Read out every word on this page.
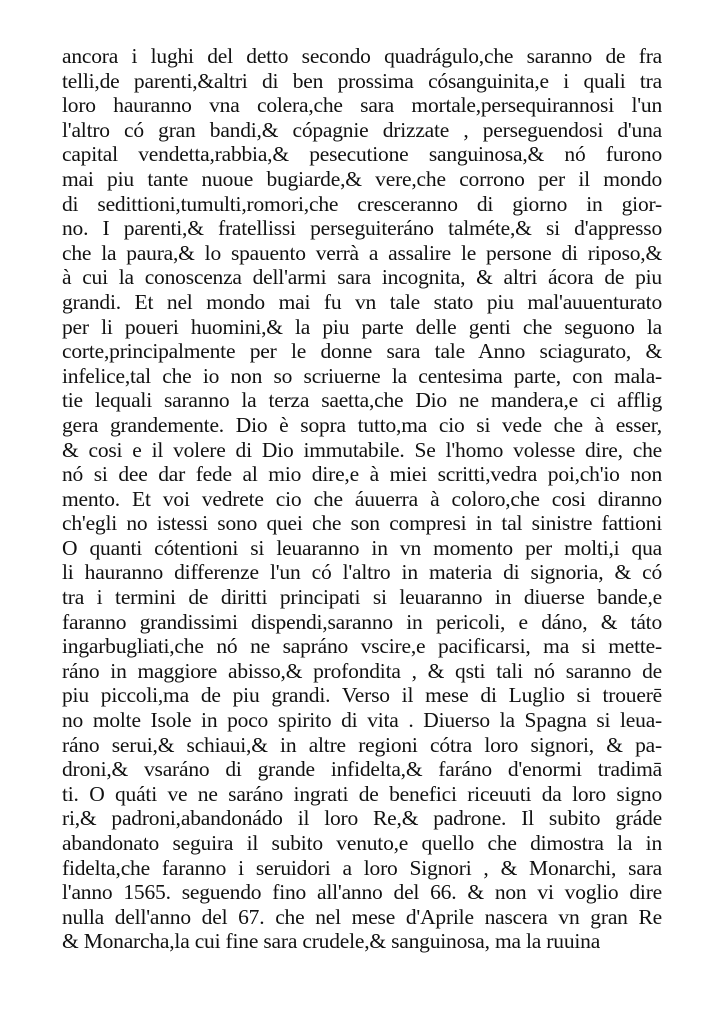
ancora i lughi del detto secondo quadrágulo,che saranno de fra
telli,de parenti,&altri di ben prossima cósanguinita,e i quali tra
loro hauranno vna colera,che sara mortale,persequirannosi l'un
l'altro có gran bandi,& cópagnie drizzate , perseguendosi d'una
capital vendetta,rabbia,& pesecutione sanguinosa,& nó furono
mai piu tante nuoue bugiarde,& vere,che corrono per il mondo
di sedittioni,tumulti,romori,che cresceranno di giorno in gior-
no. I parenti,& fratellissi perseguiteráno talméte,& si d'appresso
che la paura,& lo spauento verrà a assalire le persone di riposo,&
à cui la conoscenza dell'armi sara incognita, & altri ácora de piu
grandi. Et nel mondo mai fu vn tale stato piu mal'auuenturato
per li poueri huomini,& la piu parte delle genti che seguono la
corte,principalmente per le donne sara tale Anno sciagurato, &
infelice,tal che io non so scriuerne la centesima parte, con mala-
tie lequali saranno la terza saetta,che Dio ne mandera,e ci afflig
gera grandemente. Dio è sopra tutto,ma cio si vede che à esser,
& cosi e il volere di Dio immutabile. Se l'homo volesse dire, che
nó si dee dar fede al mio dire,e à miei scritti,vedra poi,ch'io non
mento. Et voi vedrete cio che áuuerra à coloro,che cosi diranno
ch'egli no istessi sono quei che son compresi in tal sinistre fattioni
O quanti cótentioni si leuaranno in vn momento per molti,i qua
li hauranno differenze l'un có l'altro in materia di signoria, & có
tra i termini de diritti principati si leuaranno in diuerse bande,e
faranno grandissimi dispendi,saranno in pericoli, e dáno, & táto
ingarbugliati,che nó ne sapráno vscire,e pacificarsi, ma si mette-
ráno in maggiore abisso,& profondita , & qsti tali nó saranno de
piu piccoli,ma de piu grandi. Verso il mese di Luglio si trouerē
no molte Isole in poco spirito di vita . Diuerso la Spagna si leua-
ráno serui,& schiaui,& in altre regioni cótra loro signori, & pa-
droni,& vsaráno di grande infidelta,& faráno d'enormi tradimā
ti. O quáti ve ne saráno ingrati de benefici riceuuti da loro signo
ri,& padroni,abandonádo il loro Re,& padrone. Il subito gráde
abandonato seguira il subito venuto,e quello che dimostra la in
fidelta,che faranno i seruidori a loro Signori , & Monarchi, sara
l'anno 1565. seguendo fino all'anno del 66. & non vi voglio dire
nulla dell'anno del 67. che nel mese d'Aprile nascera vn gran Re
& Monarcha,la cui fine sara crudele,& sanguinosa, ma la ruuina
